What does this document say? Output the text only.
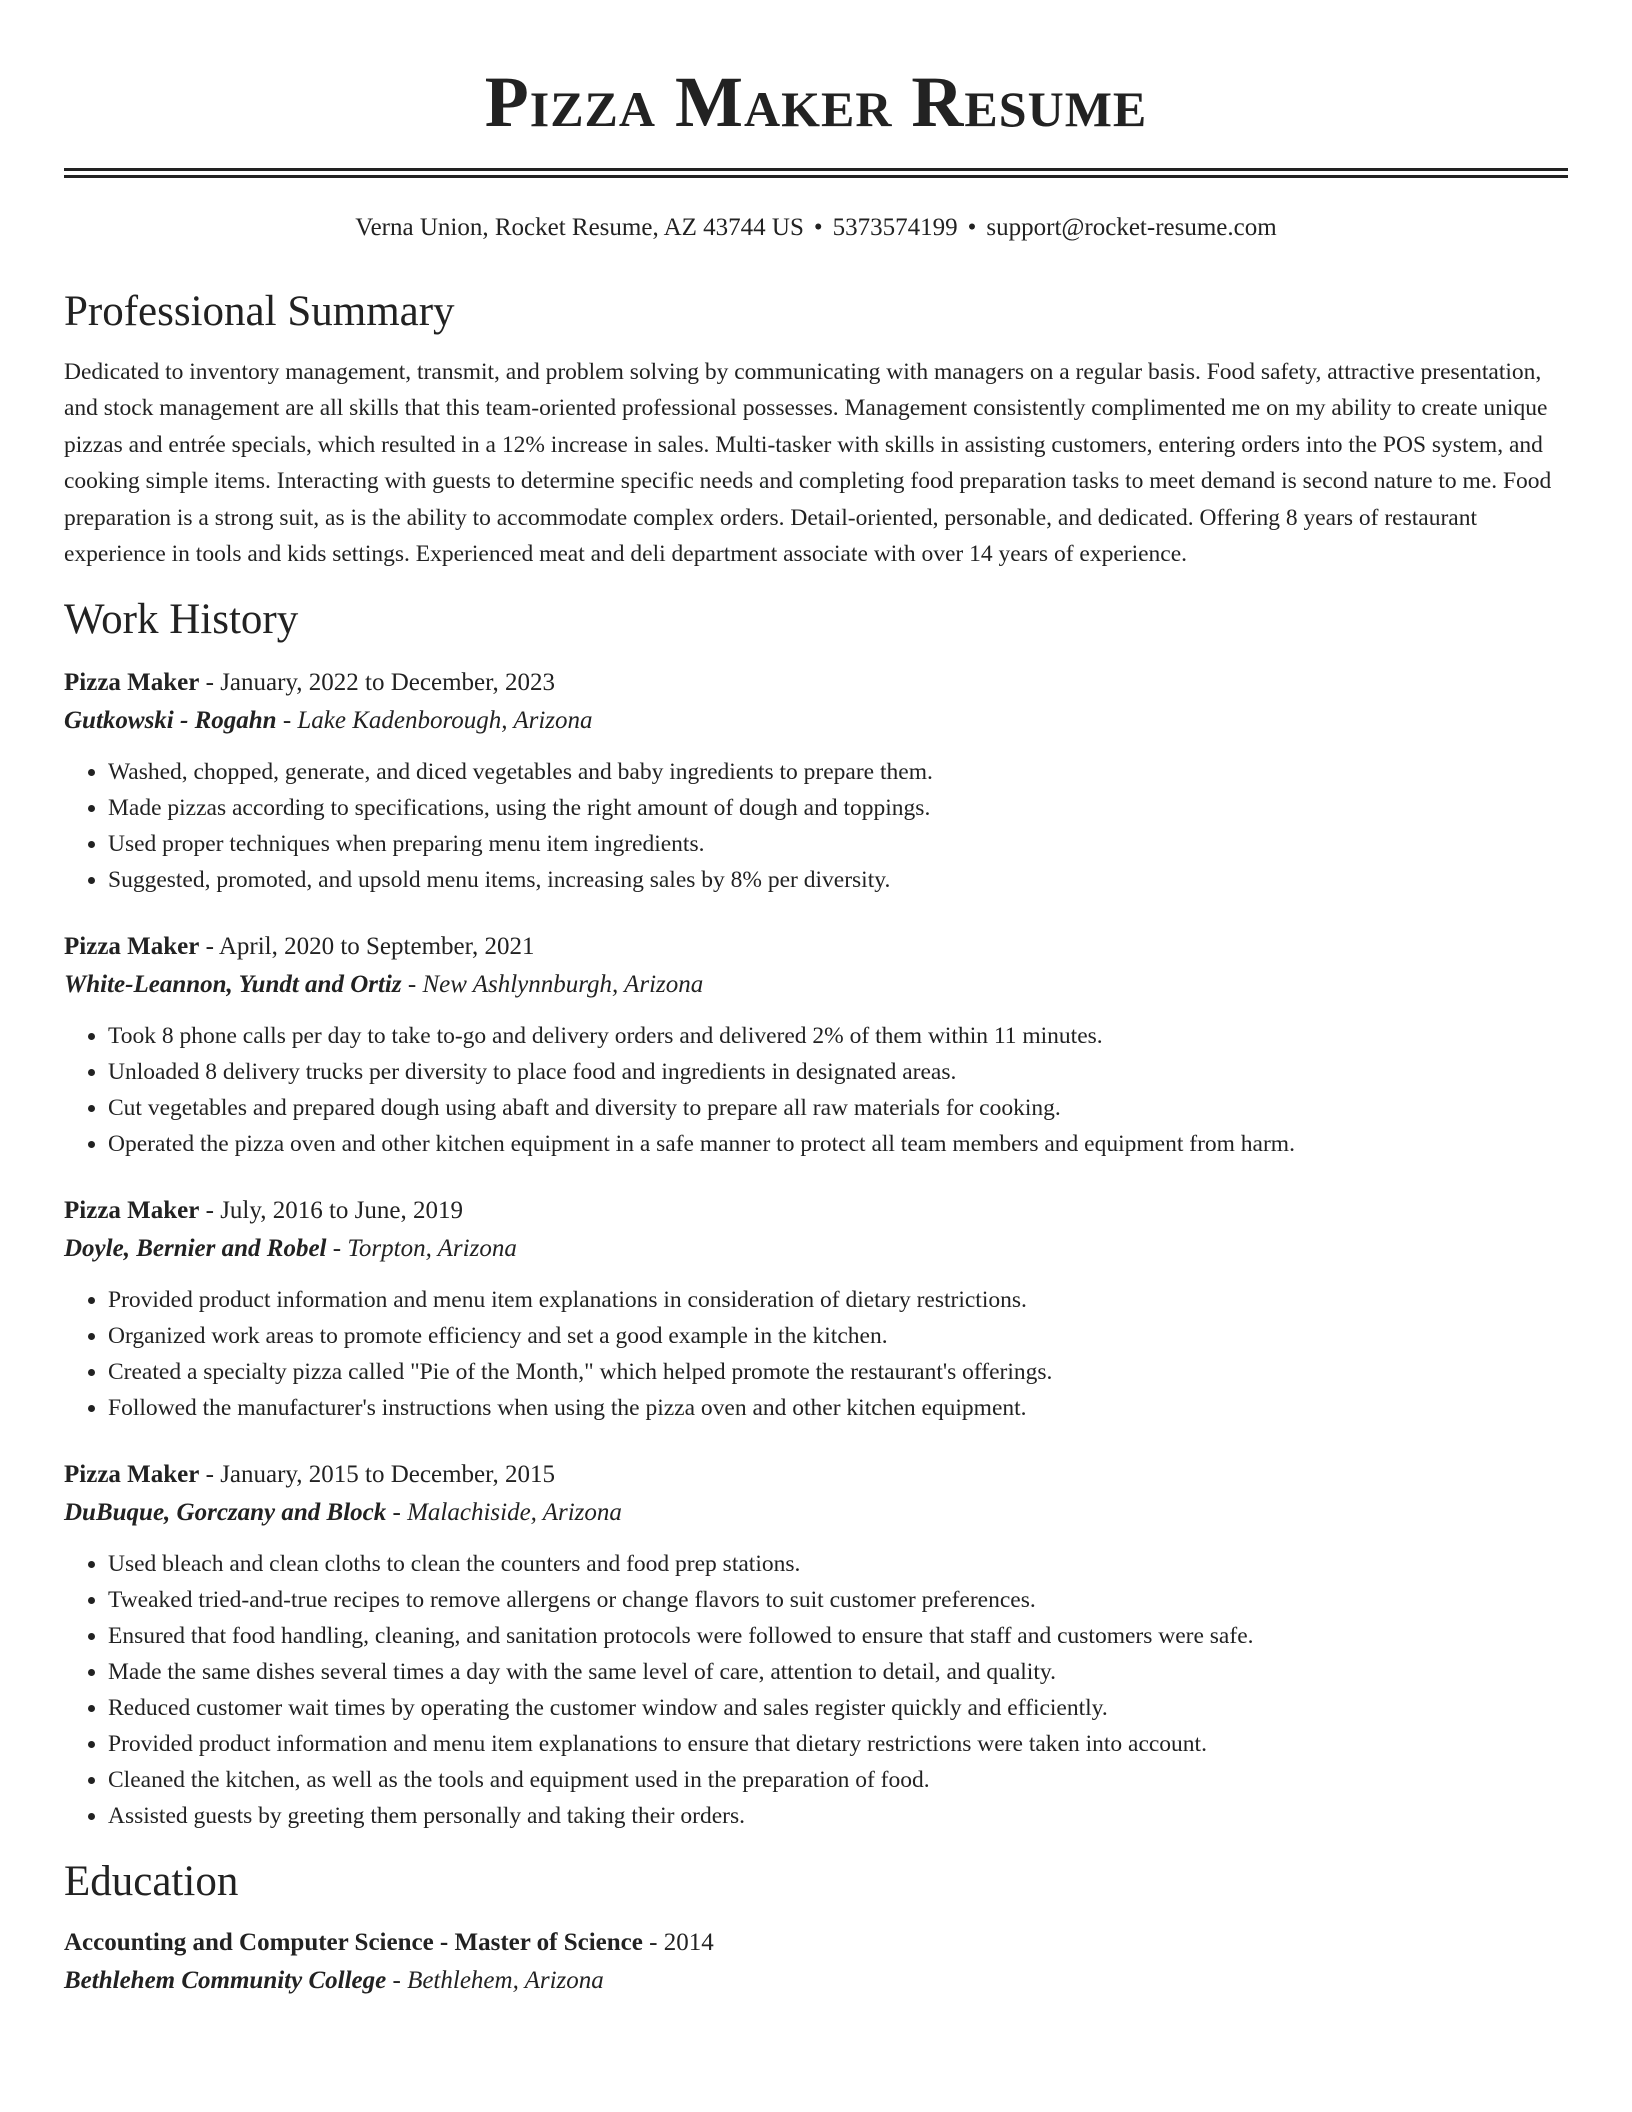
Pizza Maker Resume
Verna Union, Rocket Resume, AZ 43744 US • 5373574199 • support@rocket-resume.com
Professional Summary

Dedicated to inventory management, transmit, and problem solving by communicating with managers on a regular basis. Food safety, attractive presentation, and stock management are all skills that this team-oriented professional possesses. Management consistently complimented me on my ability to create unique pizzas and entrée specials, which resulted in a 12% increase in sales. Multi-tasker with skills in assisting customers, entering orders into the POS system, and cooking simple items. Interacting with guests to determine specific needs and completing food preparation tasks to meet demand is second nature to me. Food preparation is a strong suit, as is the ability to accommodate complex orders. Detail-oriented, personable, and dedicated. Offering 8 years of restaurant experience in tools and kids settings. Experienced meat and deli department associate with over 14 years of experience.

Work History
Pizza Maker - January, 2022 to December, 2023
Gutkowski - Rogahn - Lake Kadenborough, Arizona
• Washed, chopped, generate, and diced vegetables and baby ingredients to prepare them.
• Made pizzas according to specifications, using the right amount of dough and toppings.
• Used proper techniques when preparing menu item ingredients.
• Suggested, promoted, and upsold menu items, increasing sales by 8% per diversity.
Pizza Maker - April, 2020 to September, 2021
White-Leannon, Yundt and Ortiz - New Ashlynnburgh, Arizona
• Took 8 phone calls per day to take to-go and delivery orders and delivered 2% of them within 11 minutes.
• Unloaded 8 delivery trucks per diversity to place food and ingredients in designated areas.
• Cut vegetables and prepared dough using abaft and diversity to prepare all raw materials for cooking.
• Operated the pizza oven and other kitchen equipment in a safe manner to protect all team members and equipment from harm.
Pizza Maker - July, 2016 to June, 2019
Doyle, Bernier and Robel - Torpton, Arizona
• Provided product information and menu item explanations in consideration of dietary restrictions.
• Organized work areas to promote efficiency and set a good example in the kitchen.
• Created a specialty pizza called "Pie of the Month," which helped promote the restaurant's offerings.
• Followed the manufacturer's instructions when using the pizza oven and other kitchen equipment.
Pizza Maker - January, 2015 to December, 2015
DuBuque, Gorczany and Block - Malachiside, Arizona
• Used bleach and clean cloths to clean the counters and food prep stations.
• Tweaked tried-and-true recipes to remove allergens or change flavors to suit customer preferences.
• Ensured that food handling, cleaning, and sanitation protocols were followed to ensure that staff and customers were safe.
• Made the same dishes several times a day with the same level of care, attention to detail, and quality.
• Reduced customer wait times by operating the customer window and sales register quickly and efficiently.
• Provided product information and menu item explanations to ensure that dietary restrictions were taken into account.
• Cleaned the kitchen, as well as the tools and equipment used in the preparation of food.
• Assisted guests by greeting them personally and taking their orders.
Education
Accounting and Computer Science - Master of Science - 2014
Bethlehem Community College - Bethlehem, Arizona
